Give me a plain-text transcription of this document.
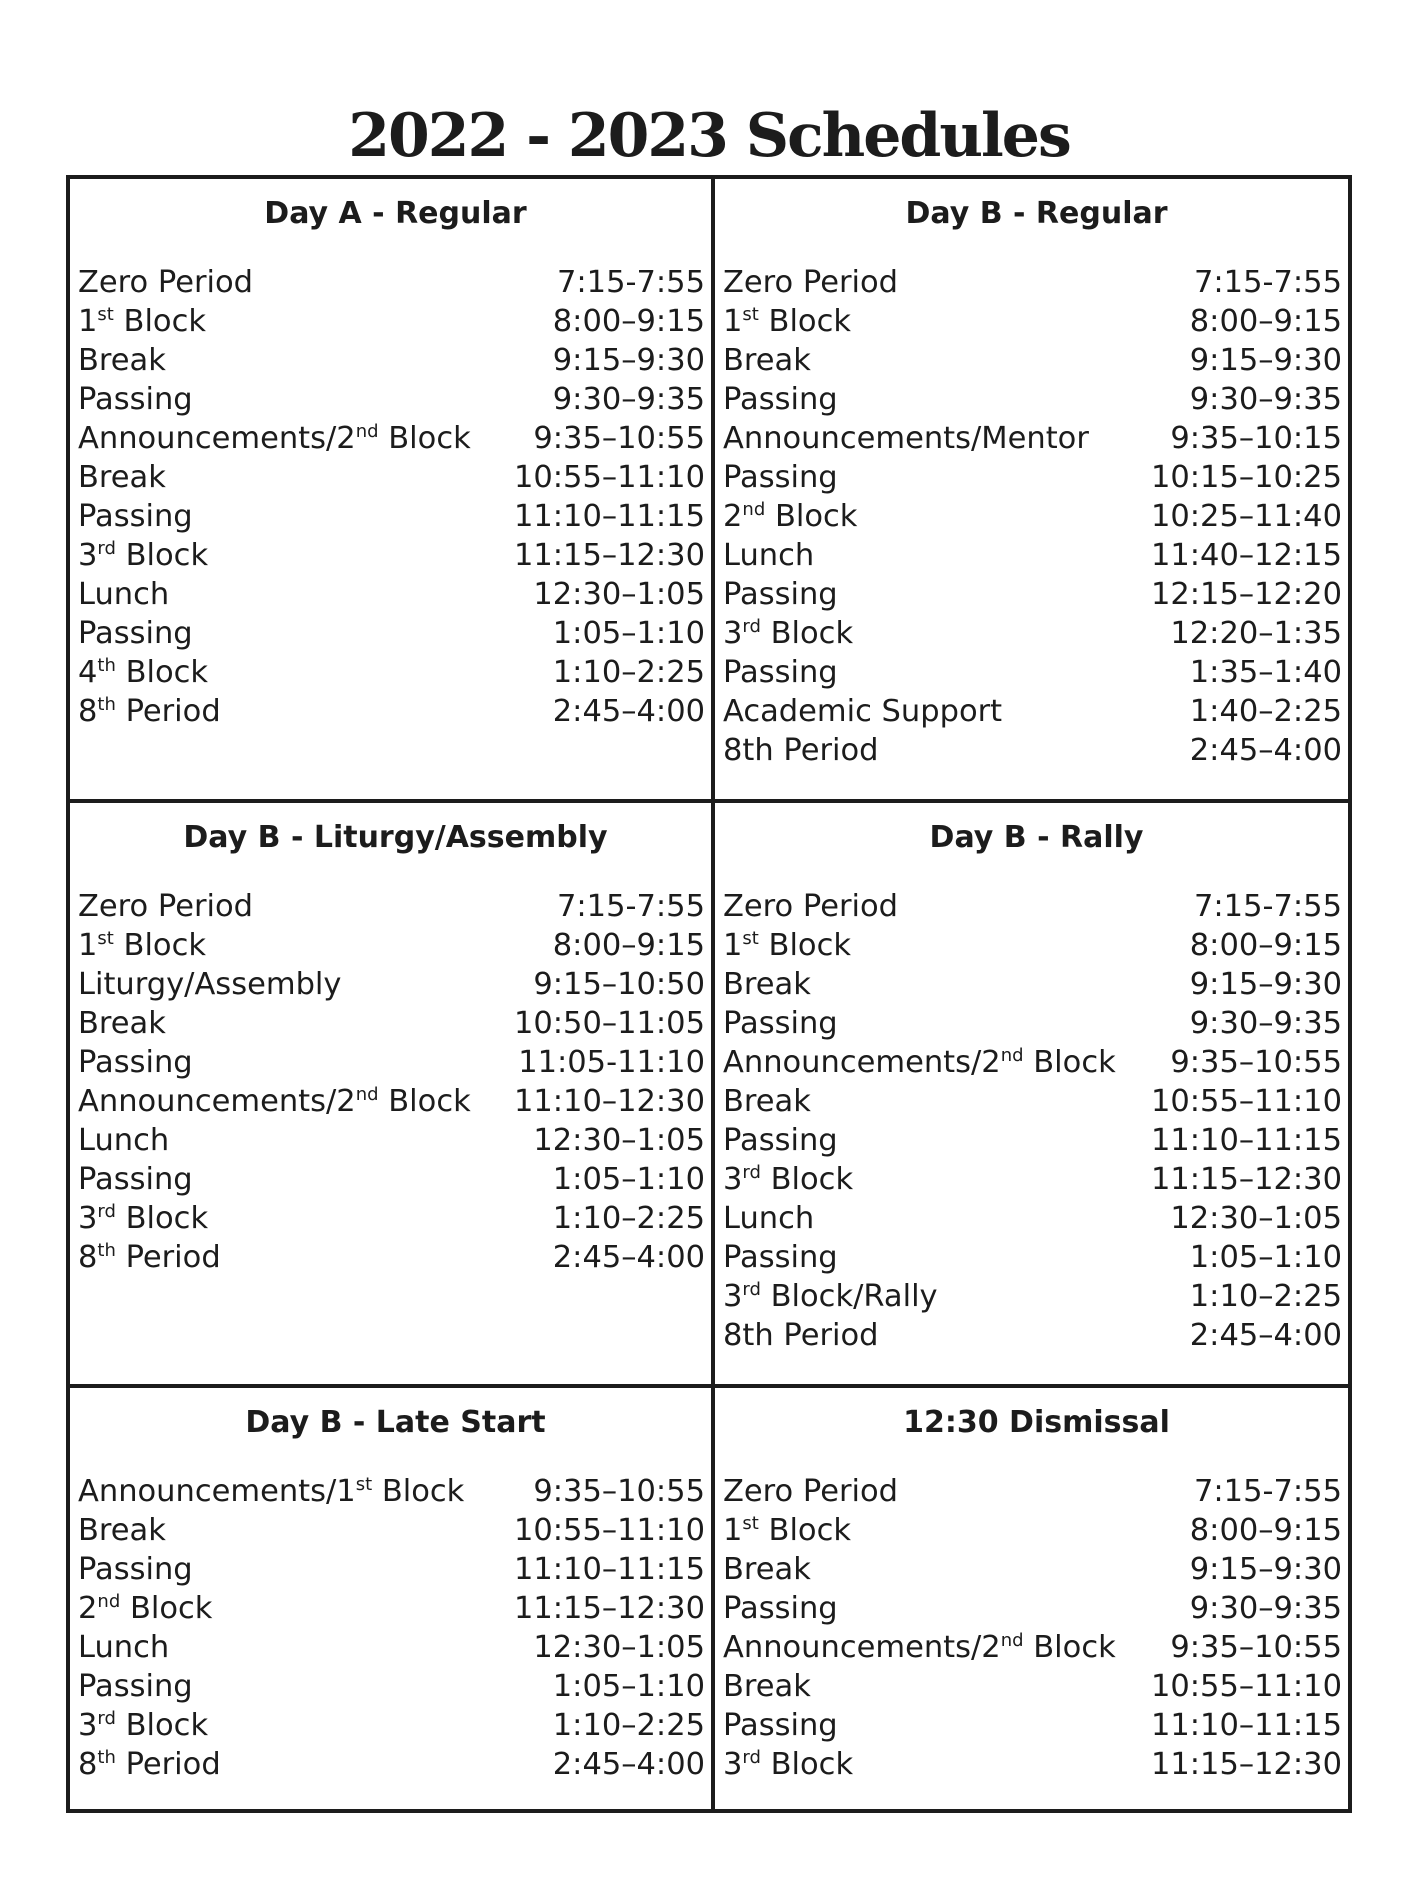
2022 - 2023 Schedules
Day A - Regular
Zero Period	7:15-7:55
1st Block	8:00–9:15
Break	9:15–9:30
Passing	9:30–9:35
Announcements/2nd Block 9:35–10:55
Break	10:55–11:10
Passing	11:10–11:15
3rd Block	11:15–12:30
Lunch	12:30–1:05
Passing	1:05–1:10
4th Block	1:10–2:25
8th Period	2:45–4:00
Day B - Regular
Zero Period	7:15-7:55
1st Block	8:00–9:15
Break	9:15–9:30
Passing	9:30–9:35
Announcements/Mentor	9:35–10:15
Passing	10:15–10:25
2nd Block	10:25–11:40
Lunch	11:40–12:15
Passing	12:15–12:20
3rd Block	12:20–1:35
Passing	1:35–1:40
Academic Support	1:40–2:25
8th Period	2:45–4:00
Day B - Liturgy/Assembly
Zero Period	7:15-7:55
1st Block	8:00–9:15
Liturgy/Assembly	9:15–10:50
Break	10:50–11:05
Passing	11:05-11:10
Announcements/2nd Block 11:10–12:30
Lunch	12:30–1:05
Passing	1:05–1:10
3rd Block	1:10–2:25
8th Period	2:45–4:00
Day B - Rally
Zero Period	7:15-7:55
1st Block	8:00–9:15
Break	9:15–9:30
Passing	9:30–9:35
Announcements/2nd Block 9:35–10:55
Break	10:55–11:10
Passing	11:10–11:15
3rd Block	11:15–12:30
Lunch	12:30–1:05
Passing	1:05–1:10
3rd Block/Rally	1:10–2:25
8th Period	2:45–4:00
Day B - Late Start
Announcements/1st Block 9:35–10:55
Break	10:55–11:10
Passing	11:10–11:15
2nd Block	11:15–12:30
Lunch	12:30–1:05
Passing	1:05–1:10
3rd Block	1:10–2:25
8th Period	2:45–4:00
12:30 Dismissal
Zero Period	7:15-7:55
1st Block	8:00–9:15
Break	9:15–9:30
Passing	9:30–9:35
Announcements/2nd Block 9:35–10:55
Break	10:55–11:10
Passing	11:10–11:15
3rd Block	11:15–12:30
